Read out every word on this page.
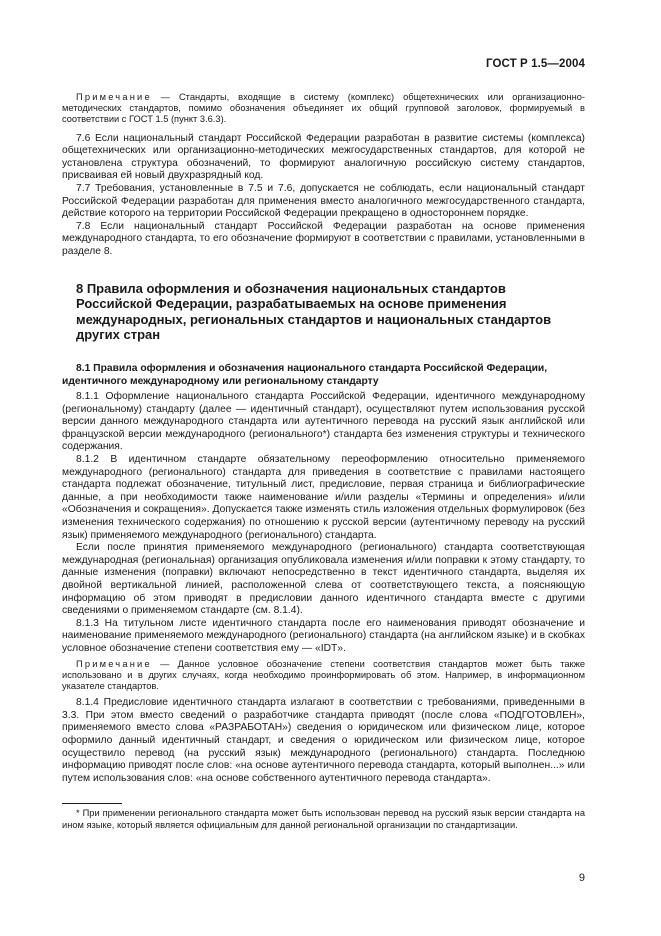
ГОСТ Р 1.5—2004

Примечание — Стандарты, входящие в систему (комплекс) общетехнических или организационно-методических стандартов, помимо обозначения объединяет их общий групповой заголовок, формируемый в соответствии с ГОСТ 1.5 (пункт 3.6.3).

7.6 Если национальный стандарт Российской Федерации разработан в развитие системы (комплекса) общетехнических или организационно-методических межгосударственных стандартов, для которой не установлена структура обозначений, то формируют аналогичную российскую систему стандартов, присваивая ей новый двухразрядный код.

7.7 Требования, установленные в 7.5 и 7.6, допускается не соблюдать, если национальный стандарт Российской Федерации разработан для применения вместо аналогичного межгосударственного стандарта, действие которого на территории Российской Федерации прекращено в одностороннем порядке.

7.8 Если национальный стандарт Российской Федерации разработан на основе применения международного стандарта, то его обозначение формируют в соответствии с правилами, установленными в разделе 8.

8 Правила оформления и обозначения национальных стандартов Российской Федерации, разрабатываемых на основе применения международных, региональных стандартов и национальных стандартов других стран
8.1 Правила оформления и обозначения национального стандарта Российской Федерации, идентичного международному или региональному стандарту

8.1.1 Оформление национального стандарта Российской Федерации, идентичного международному (региональному) стандарту (далее — идентичный стандарт), осуществляют путем использования русской версии данного международного стандарта или аутентичного перевода на русский язык английской или французской версии международного (регионального*) стандарта без изменения структуры и технического содержания.

8.1.2 В идентичном стандарте обязательному переоформлению относительно применяемого международного (регионального) стандарта для приведения в соответствие с правилами настоящего стандарта подлежат обозначение, титульный лист, предисловие, первая страница и библиографические данные, а при необходимости также наименование и/или разделы «Термины и определения» и/или «Обозначения и сокращения». Допускается также изменять стиль изложения отдельных формулировок (без изменения технического содержания) по отношению к русской версии (аутентичному переводу на русский язык) применяемого международного (регионального) стандарта.

Если после принятия применяемого международного (регионального) стандарта соответствующая международная (региональная) организация опубликовала изменения и/или поправки к этому стандарту, то данные изменения (поправки) включают непосредственно в текст идентичного стандарта, выделяя их двойной вертикальной линией, расположенной слева от соответствующего текста, а поясняющую информацию об этом приводят в предисловии данного идентичного стандарта вместе с другими сведениями о применяемом стандарте (см. 8.1.4).

8.1.3 На титульном листе идентичного стандарта после его наименования приводят обозначение и наименование применяемого международного (регионального) стандарта (на английском языке) и в скобках условное обозначение степени соответствия ему — «IDT».

Примечание — Данное условное обозначение степени соответствия стандартов может быть также использовано и в других случаях, когда необходимо проинформировать об этом. Например, в информационном указателе стандартов.

8.1.4 Предисловие идентичного стандарта излагают в соответствии с требованиями, приведенными в 3.3. При этом вместо сведений о разработчике стандарта приводят (после слова «ПОДГОТОВЛЕН», применяемого вместо слова «РАЗРАБОТАН») сведения о юридическом или физическом лице, которое оформило данный идентичный стандарт, и сведения о юридическом или физическом лице, которое осуществило перевод (на русский язык) международного (регионального) стандарта. Последнюю информацию приводят после слов: «на основе аутентичного перевода стандарта, который выполнен...» или путем использования слов: «на основе собственного аутентичного перевода стандарта».

* При применении регионального стандарта может быть использован перевод на русский язык версии стандарта на ином языке, который является официальным для данной региональной организации по стандартизации.

9
